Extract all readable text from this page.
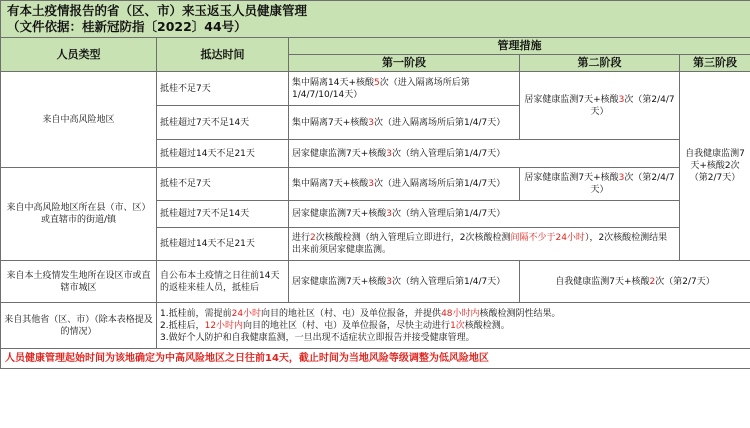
有本土疫情报告的省（区、市）来玉返玉人员健康管理
（文件依据：桂新冠防指〔2022〕44号）				

人员类型	抵达时间	管理措施		
		第一阶段	第二阶段	第三阶段
来自中高风险地区	抵桂不足7天	集中隔离14天+核酸5次（进入隔离场所后第1/4/7/10/14天）	居家健康监测7天+核酸3次（第2/4/7天）	自我健康监测7天+核酸2次（第2/7天）
	抵桂超过7天不足14天	集中隔离7天+核酸3次（进入隔离场所后第1/4/7天）		
	抵桂超过14天不足21天	居家健康监测7天+核酸3次（纳入管理后第1/4/7天）		
来自中高风险地区所在县（市、区）或直辖市的街道/镇	抵桂不足7天	集中隔离7天+核酸3次（进入隔离场所后第1/4/7天）	居家健康监测7天+核酸3次（第2/4/7天）	
	抵桂超过7天不足14天	居家健康监测7天+核酸3次（纳入管理后第1/4/7天）		
	抵桂超过14天不足21天	进行2次核酸检测（纳入管理后立即进行，2次核酸检测间隔不少于24小时），2次核酸检测结果出来前须居家健康监测。		
来自本土疫情发生地所在设区市或直辖市城区	自公布本土疫情之日往前14天的返桂来桂人员，抵桂后	居家健康监测7天+核酸3次（纳入管理后第1/4/7天）	自我健康监测7天+核酸2次（第2/7天）	
来自其他省（区、市）（除本表格提及的情况）	1.抵桂前，需提前24小时向目的地社区（村、屯）及单位报备，并提供48小时内核酸检测阴性结果。
2.抵桂后，12小时内向目的地社区（村、屯）及单位报备，尽快主动进行1次核酸检测。
3.做好个人防护和自我健康监测，一旦出现不适症状立即报告并接受健康管理。			

人员健康管理起始时间为该地确定为中高风险地区之日往前14天，截止时间为当地风险等级调整为低风险地区				
